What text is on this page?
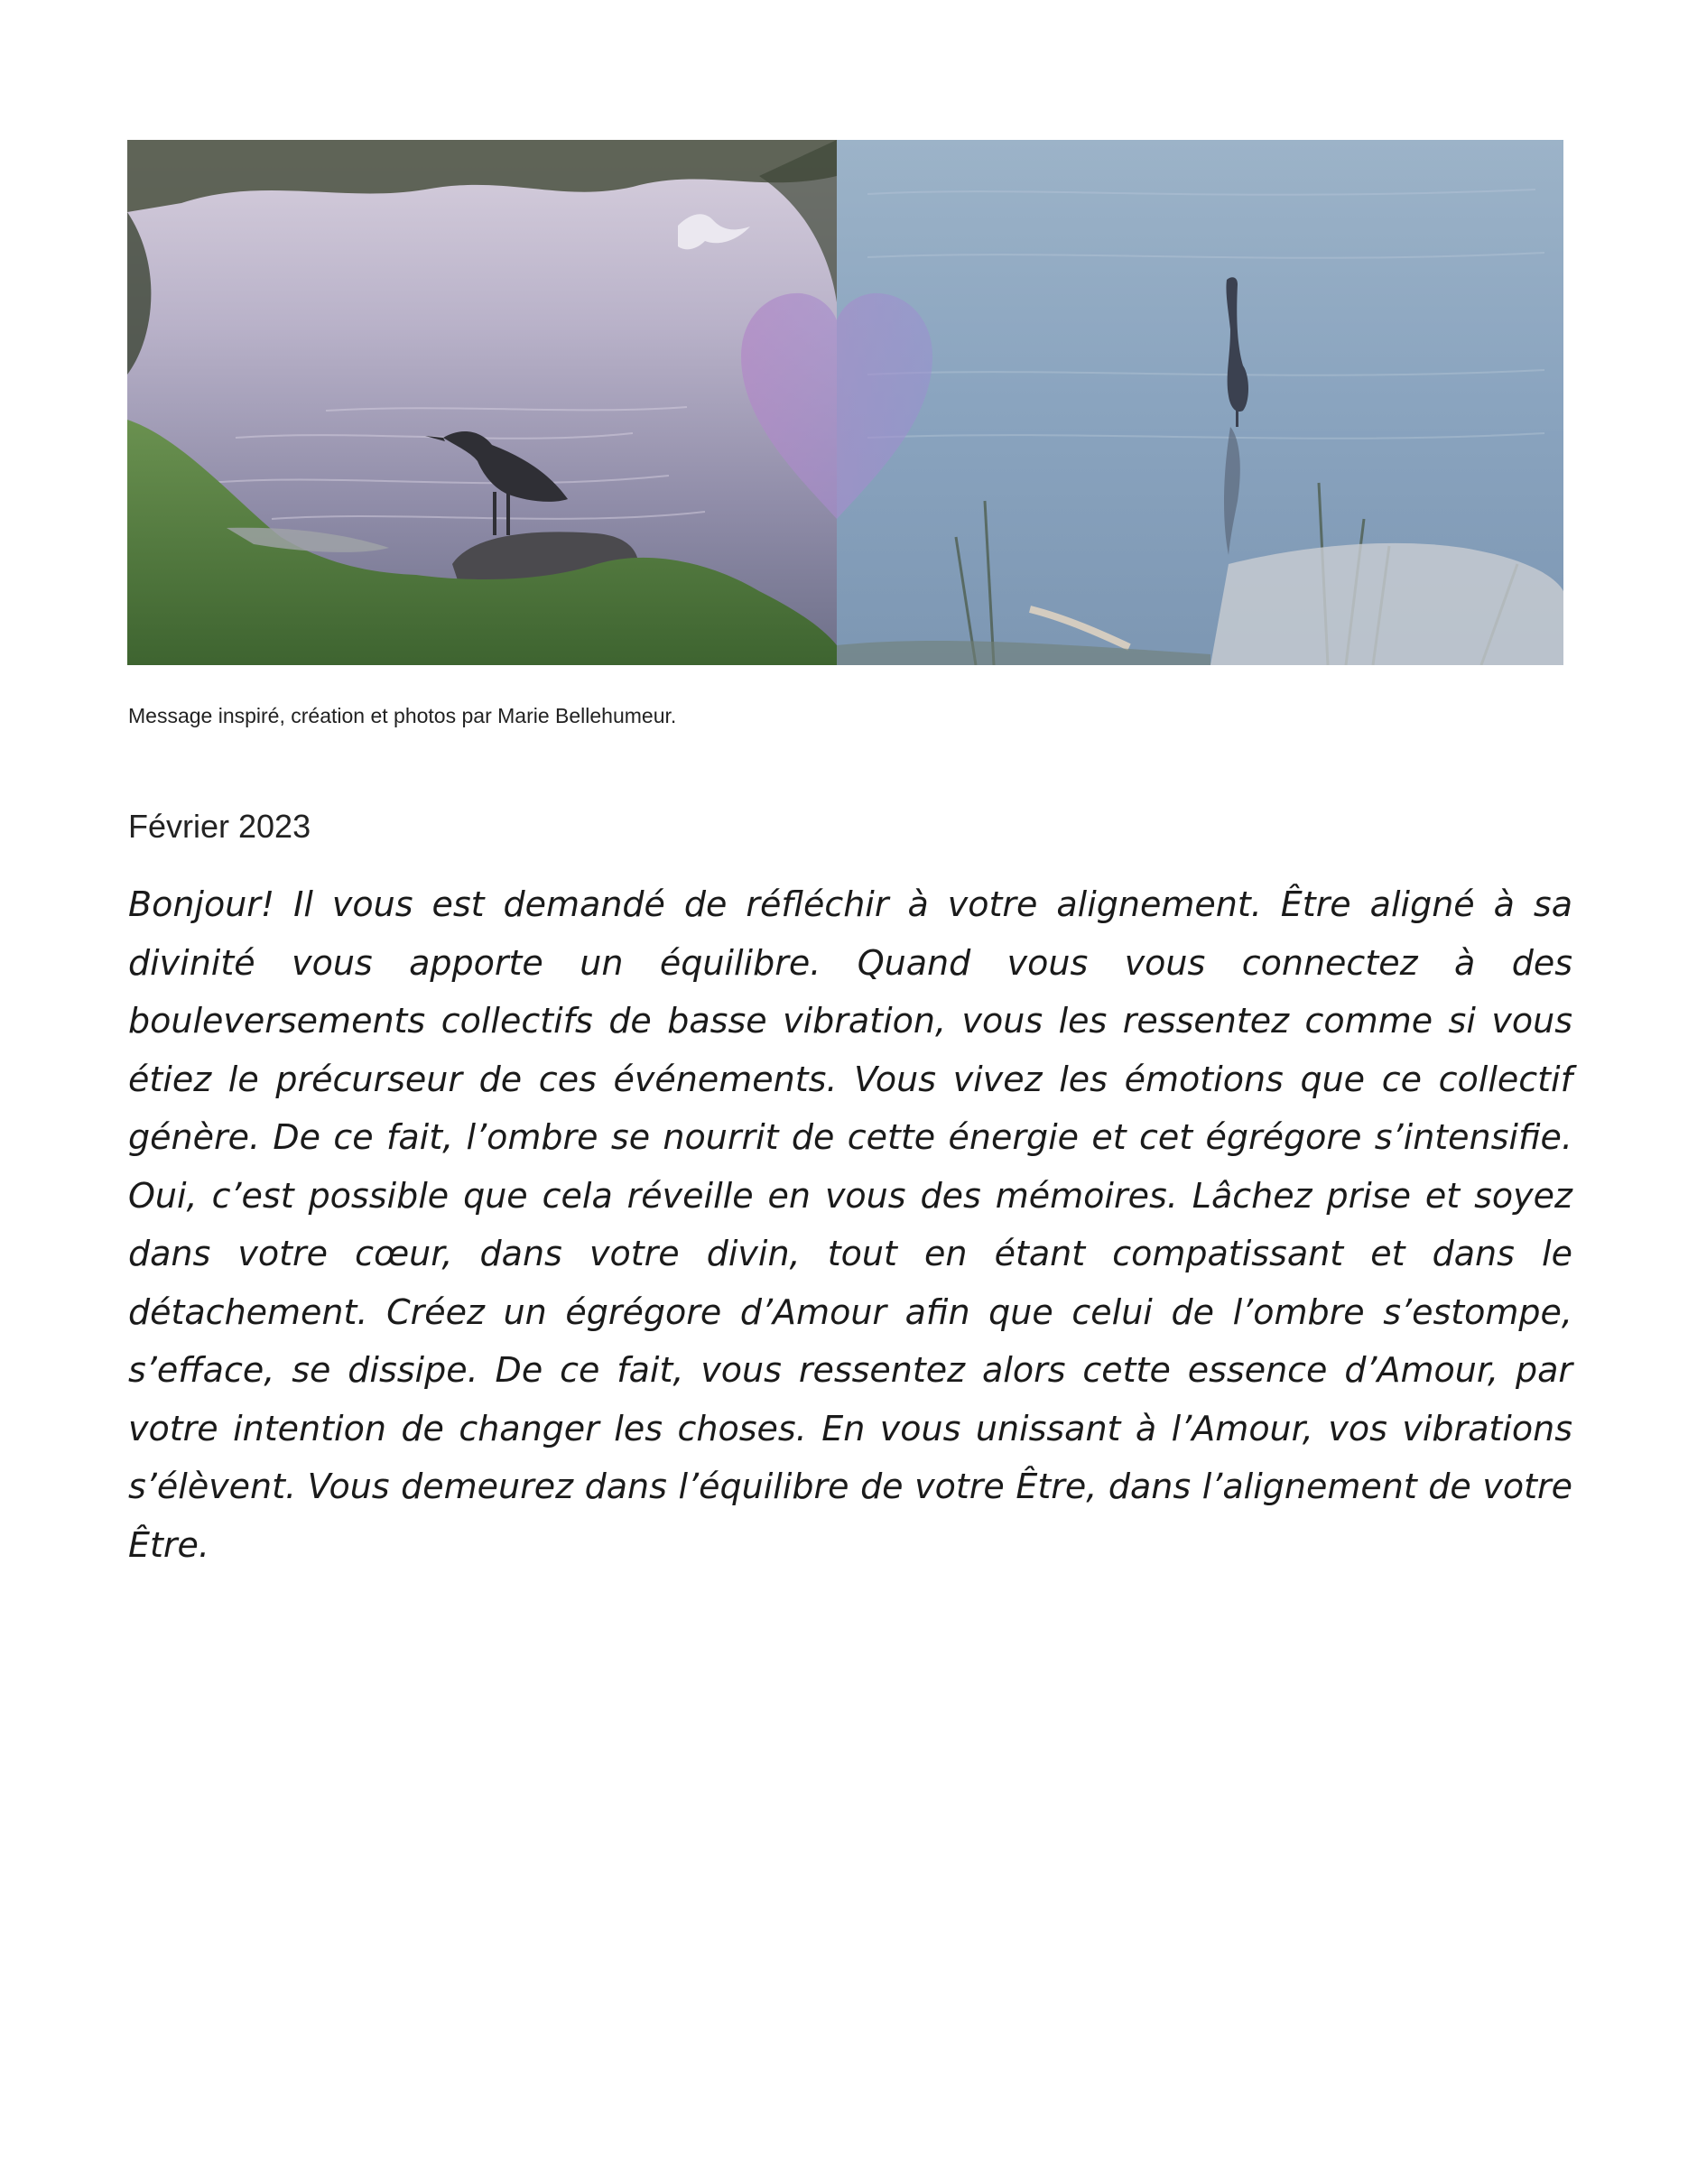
Message inspiré, création et photos par Marie Bellehumeur.
Février 2023

Bonjour! Il vous est demandé de réfléchir à votre alignement. Être aligné à sa divinité vous apporte un équilibre. Quand vous vous connectez à des bouleversements collectifs de basse vibration, vous les ressentez comme si vous étiez le précurseur de ces événements. Vous vivez les émotions que ce collectif génère. De ce fait, l’ombre se nourrit de cette énergie et cet égrégore s’intensifie. Oui, c’est possible que cela réveille en vous des mémoires. Lâchez prise et soyez dans votre cœur, dans votre divin, tout en étant compatissant et dans le détachement. Créez un égrégore d’Amour afin que celui de l’ombre s’estompe, s’efface, se dissipe. De ce fait, vous ressentez alors cette essence d’Amour, par votre intention de changer les choses. En vous unissant à l’Amour, vos vibrations s’élèvent. Vous demeurez dans l’équilibre de votre Être, dans l’alignement de votre Être.
